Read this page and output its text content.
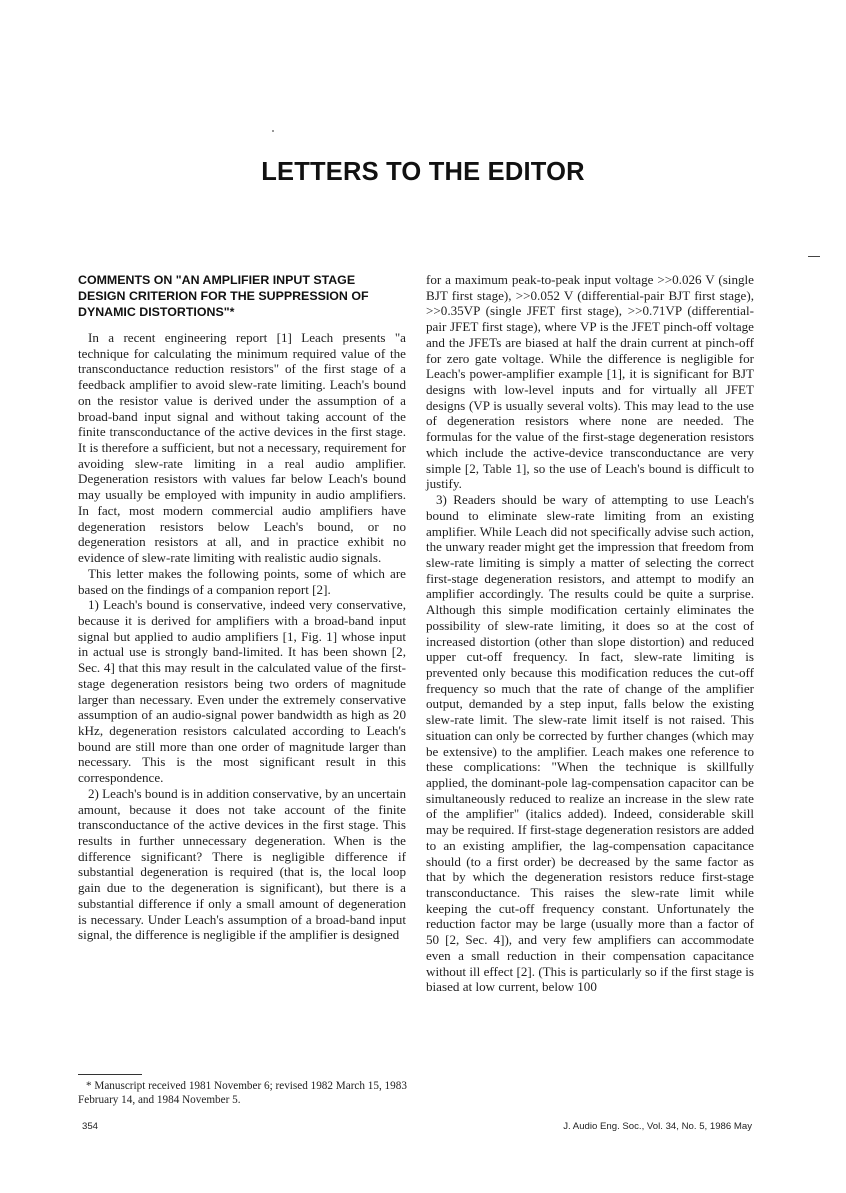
LETTERS TO THE EDITOR
COMMENTS ON "AN AMPLIFIER INPUT STAGE DESIGN CRITERION FOR THE SUPPRESSION OF DYNAMIC DISTORTIONS"*

In a recent engineering report [1] Leach presents "a technique for calculating the minimum required value of the transconductance reduction resistors" of the first stage of a feedback amplifier to avoid slew-rate limiting. Leach's bound on the resistor value is derived under the assumption of a broad-band input signal and without taking account of the finite transconductance of the active devices in the first stage. It is therefore a sufficient, but not a necessary, requirement for avoiding slew-rate limiting in a real audio amplifier. Degeneration resistors with values far below Leach's bound may usually be employed with impunity in audio amplifiers. In fact, most modern commercial audio amplifiers have degeneration resistors below Leach's bound, or no degeneration resistors at all, and in practice exhibit no evidence of slew-rate limiting with realistic audio signals.

This letter makes the following points, some of which are based on the findings of a companion report [2].

1) Leach's bound is conservative, indeed very conservative, because it is derived for amplifiers with a broad-band input signal but applied to audio amplifiers [1, Fig. 1] whose input in actual use is strongly band-limited. It has been shown [2, Sec. 4] that this may result in the calculated value of the first-stage degeneration resistors being two orders of magnitude larger than necessary. Even under the extremely conservative assumption of an audio-signal power bandwidth as high as 20 kHz, degeneration resistors calculated according to Leach's bound are still more than one order of magnitude larger than necessary. This is the most significant result in this correspondence.

2) Leach's bound is in addition conservative, by an uncertain amount, because it does not take account of the finite transconductance of the active devices in the first stage. This results in further unnecessary degeneration. When is the difference significant? There is negligible difference if substantial degeneration is required (that is, the local loop gain due to the degeneration is significant), but there is a substantial difference if only a small amount of degeneration is necessary. Under Leach's assumption of a broad-band input signal, the difference is negligible if the amplifier is designed

* Manuscript received 1981 November 6; revised 1982 March 15, 1983 February 14, and 1984 November 5.

for a maximum peak-to-peak input voltage >>0.026 V (single BJT first stage), >>0.052 V (differential-pair BJT first stage), >>0.35VP (single JFET first stage), >>0.71VP (differential-pair JFET first stage), where VP is the JFET pinch-off voltage and the JFETs are biased at half the drain current at pinch-off for zero gate voltage. While the difference is negligible for Leach's power-amplifier example [1], it is significant for BJT designs with low-level inputs and for virtually all JFET designs (VP is usually several volts). This may lead to the use of degeneration resistors where none are needed. The formulas for the value of the first-stage degeneration resistors which include the active-device transconductance are very simple [2, Table 1], so the use of Leach's bound is difficult to justify.

3) Readers should be wary of attempting to use Leach's bound to eliminate slew-rate limiting from an existing amplifier. While Leach did not specifically advise such action, the unwary reader might get the impression that freedom from slew-rate limiting is simply a matter of selecting the correct first-stage degeneration resistors, and attempt to modify an amplifier accordingly. The results could be quite a surprise. Although this simple modification certainly eliminates the possibility of slew-rate limiting, it does so at the cost of increased distortion (other than slope distortion) and reduced upper cut-off frequency. In fact, slew-rate limiting is prevented only because this modification reduces the cut-off frequency so much that the rate of change of the amplifier output, demanded by a step input, falls below the existing slew-rate limit. The slew-rate limit itself is not raised. This situation can only be corrected by further changes (which may be extensive) to the amplifier. Leach makes one reference to these complications: "When the technique is skillfully applied, the dominant-pole lag-compensation capacitor can be simultaneously reduced to realize an increase in the slew rate of the amplifier" (italics added). Indeed, considerable skill may be required. If first-stage degeneration resistors are added to an existing amplifier, the lag-compensation capacitance should (to a first order) be decreased by the same factor as that by which the degeneration resistors reduce first-stage transconductance. This raises the slew-rate limit while keeping the cut-off frequency constant. Unfortunately the reduction factor may be large (usually more than a factor of 50 [2, Sec. 4]), and very few amplifiers can accommodate even a small reduction in their compensation capacitance without ill effect [2]. (This is particularly so if the first stage is biased at low current, below 100

354	J. Audio Eng. Soc., Vol. 34, No. 5, 1986 May
